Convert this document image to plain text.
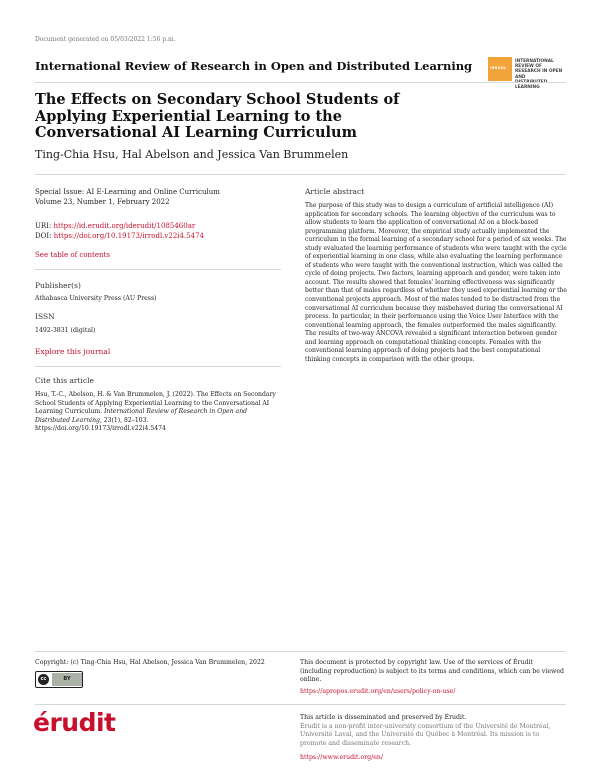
Document generated on 05/03/2022 1:56 p.m.
International Review of Research in Open and Distributed Learning	IRRODL
INTERNATIONAL REVIEW OF
RESEARCH IN OPEN AND
LEARNING
The Effects on Secondary School Students of Applying Experiential Learning to the Conversational AI Learning Curriculum
Ting-Chia Hsu, Hal Abelson and Jessica Van Brummelen
Special Issue: AI E-Learning and Online Curriculum
Volume 23, Number 1, February 2022
URI: https://id.erudit.org/iderudit/1085460ar
DOI: https://doi.org/10.19173/irrodl.v22i4.5474
See table of contents
Publisher(s)
Athabasca University Press (AU Press)
ISSN
1492-3831 (digital)
Explore this journal
Cite this article
Hsu, T.-C., Abelson, H. & Van Brummelen, J. (2022). The Effects on Secondary School Students of Applying Experiential Learning to the Conversational AI Learning Curriculum. International Review of Research in Open and Distributed Learning, 23(1), 82–103. https://doi.org/10.19173/irrodl.v22i4.5474
Article abstract
The purpose of this study was to design a curriculum of artificial intelligence (AI) application for secondary schools. The learning objective of the curriculum was to allow students to learn the application of conversational AI on a block-based programming platform. Moreover, the empirical study actually implemented the curriculum in the formal learning of a secondary school for a period of six weeks. The study evaluated the learning performance of students who were taught with the cycle of experiential learning in one class, while also evaluating the learning performance of students who were taught with the conventional instruction, which was called the cycle of doing projects. Two factors, learning approach and gender, were taken into account. The results showed that females' learning effectiveness was significantly better than that of males regardless of whether they used experiential learning or the conventional projects approach. Most of the males tended to be distracted from the conversational AI curriculum because they misbehaved during the conversational AI process. In particular, in their performance using the Voice User Interface with the conventional learning approach, the females outperformed the males significantly. The results of two-way ANCOVA revealed a significant interaction between gender and learning approach on computational thinking concepts. Females with the conventional learning approach of doing projects had the best computational thinking concepts in comparison with the other groups.
Copyright: (c) Ting-Chia Hsu, Hal Abelson, Jessica Van Brummelen, 2022
cc	BY
This document is protected by copyright law. Use of the services of Érudit (including reproduction) is subject to its terms and conditions, which can be viewed online.
https://apropos.erudit.org/en/users/policy-on-use/
érudit	This article is disseminated and preserved by Érudit.
Érudit is a non-profit inter-university consortium of the Université de Montréal, Université Laval, and the Université du Québec à Montréal. Its mission is to promote and disseminate research.
https://www.erudit.org/en/
